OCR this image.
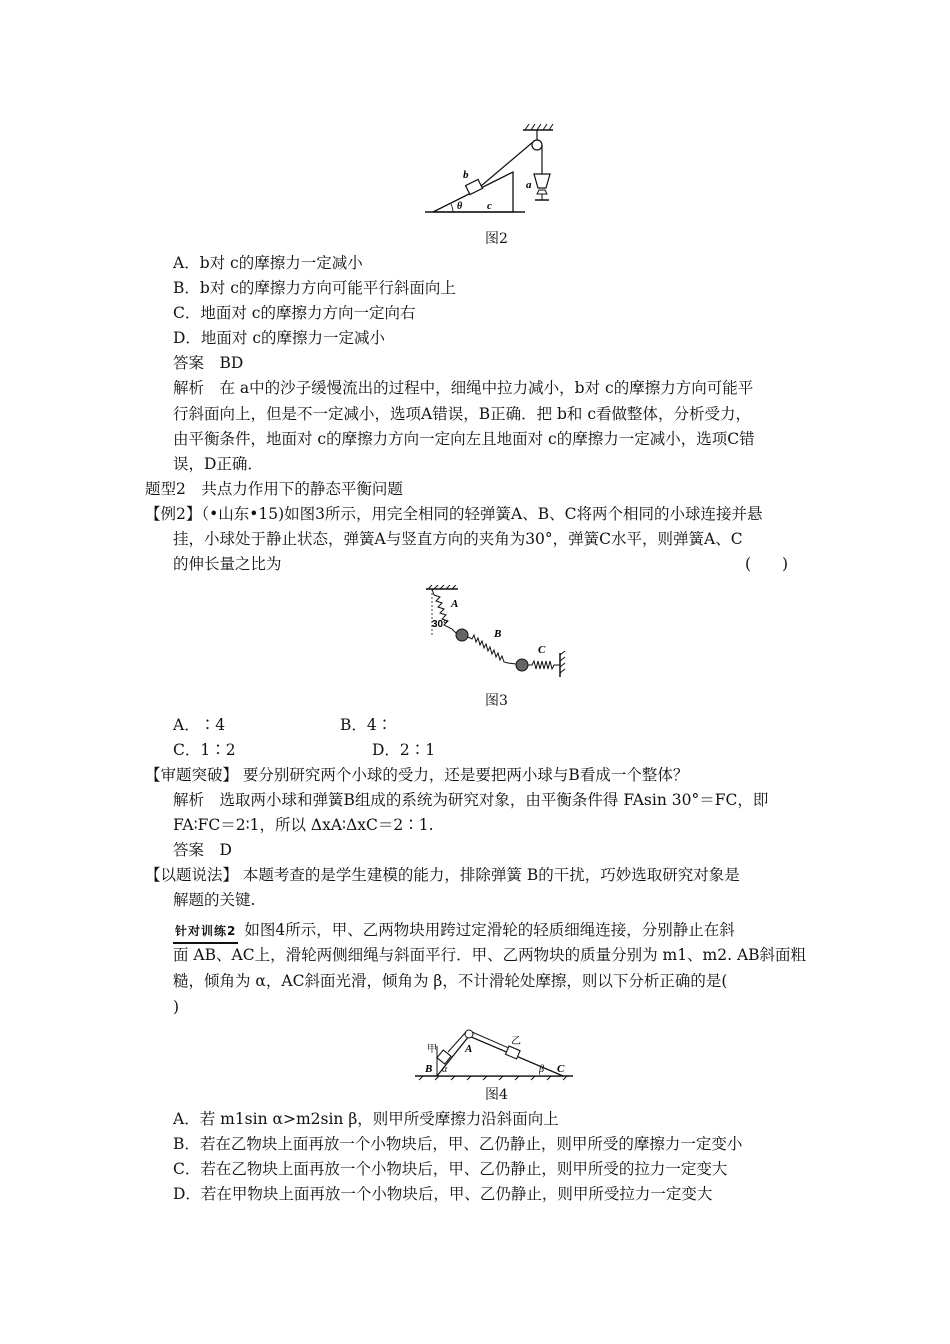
b
θ c
a
图2
A．b对 c的摩擦力一定减小
B．b对 c的摩擦力方向可能平行斜面向上
C．地面对 c的摩擦力方向一定向右
D．地面对 c的摩擦力一定减小
答案　BD
解析　在 a中的沙子缓慢流出的过程中，细绳中拉力减小，b对 c的摩擦力方向可能平
行斜面向上，但是不一定减小，选项A错误，B正确．把 b和 c看做整体，分析受力，
由平衡条件，地面对 c的摩擦力方向一定向左且地面对 c的摩擦力一定减小，选项C错
误，D正确．
题型2　共点力作用下的静态平衡问题
【例2】（•山东•15)如图3所示，用完全相同的轻弹簧A、B、C将两个相同的小球连接并悬
挂，小球处于静止状态，弹簧A与竖直方向的夹角为30°，弹簧C水平，则弹簧A、C
的伸长量之比为	(　　)
A
30°
B
C
图3
A．∶4	B．4∶
C．1∶2	D．2∶1
【审题突破】 要分别研究两个小球的受力，还是要把两小球与B看成一个整体？
解析　选取两小球和弹簧B组成的系统为研究对象，由平衡条件得 FAsin 30°＝FC，即
FA∶FC＝2∶1，所以 ΔxA∶ΔxC＝2∶1.
答案　D
【以题说法】 本题考查的是学生建模的能力，排除弹簧 B的干扰，巧妙选取研究对象是
解题的关键.
针对训练2 如图4所示，甲、乙两物块用跨过定滑轮的轻质细绳连接，分别静止在斜
面 AB、AC上，滑轮两侧细绳与斜面平行．甲、乙两物块的质量分别为 m1、m2. AB斜面粗
糙，倾角为 α，AC斜面光滑，倾角为 β，不计滑轮处摩擦，则以下分析正确的是(
)
甲	A
乙
B α	β C
图4
A．若 m1sin α>m2sin β，则甲所受摩擦力沿斜面向上
B．若在乙物块上面再放一个小物块后，甲、乙仍静止，则甲所受的摩擦力一定变小
C．若在乙物块上面再放一个小物块后，甲、乙仍静止，则甲所受的拉力一定变大
D．若在甲物块上面再放一个小物块后，甲、乙仍静止，则甲所受拉力一定变大
